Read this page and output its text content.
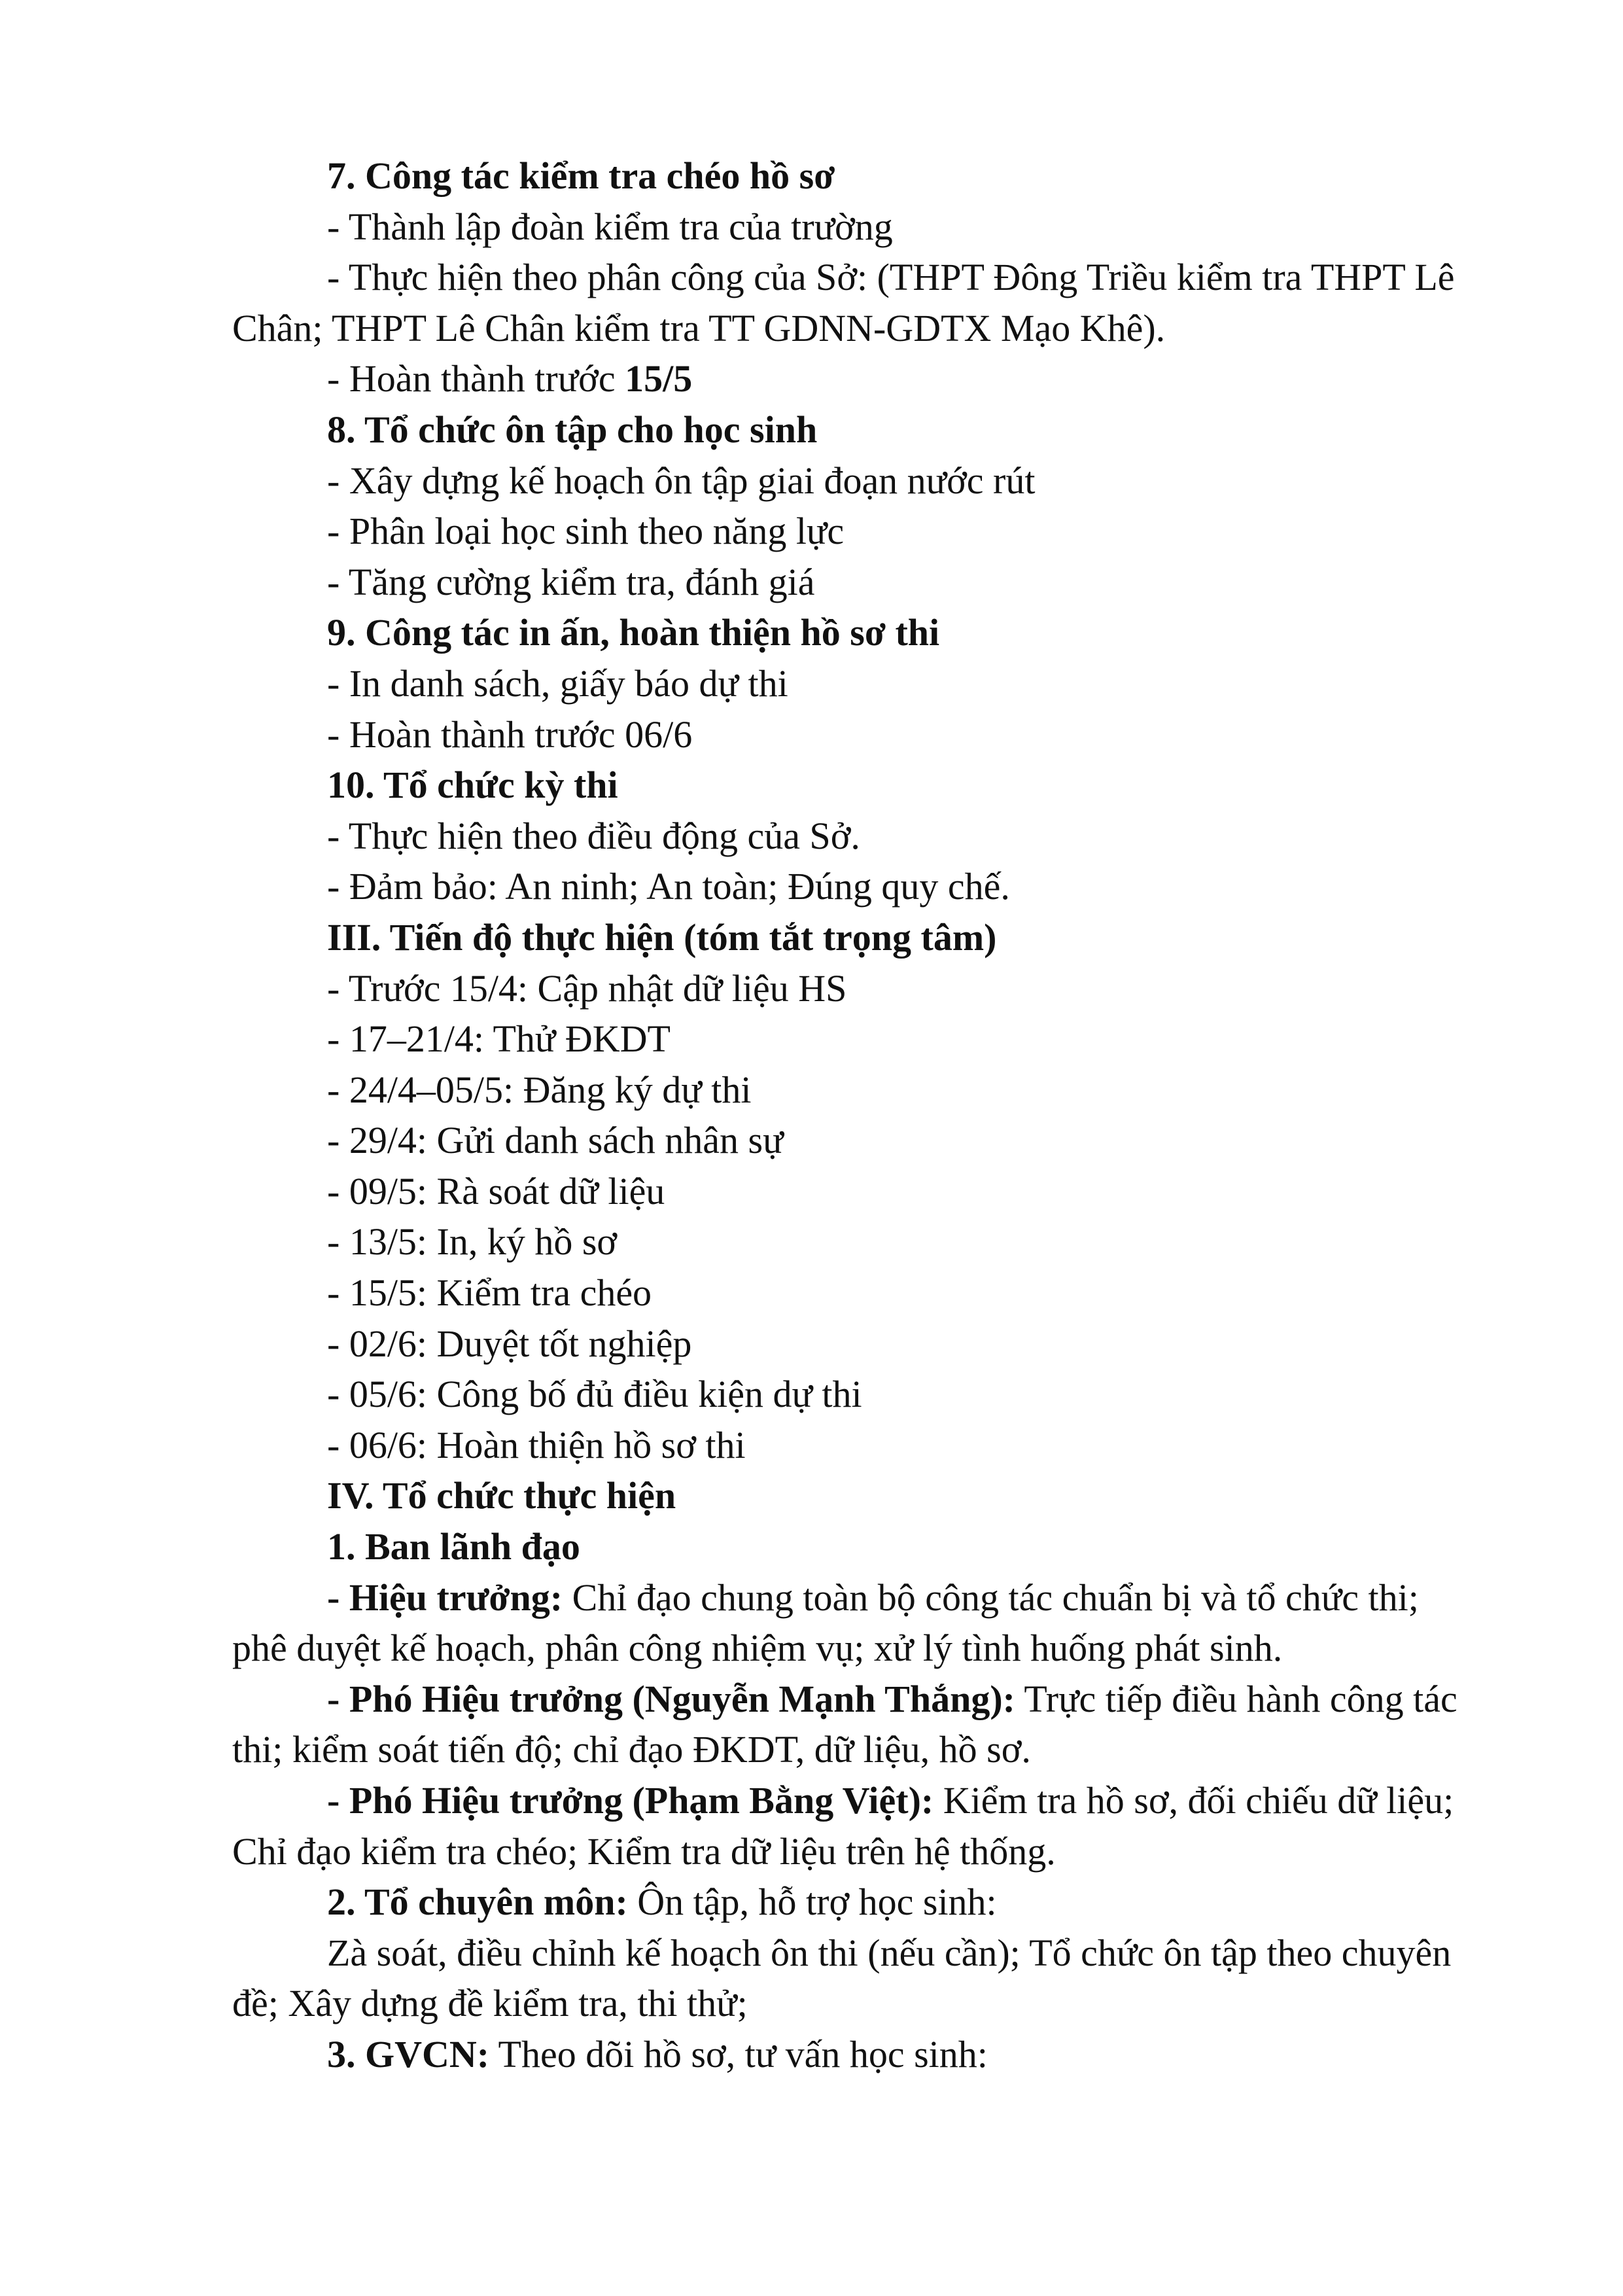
7. Công tác kiểm tra chéo hồ sơ
- Thành lập đoàn kiểm tra của trường
- Thực hiện theo phân công của Sở: (THPT Đông Triều kiểm tra THPT Lê
Chân; THPT Lê Chân kiểm tra TT GDNN-GDTX Mạo Khê).
- Hoàn thành trước 15/5
8. Tổ chức ôn tập cho học sinh
- Xây dựng kế hoạch ôn tập giai đoạn nước rút
- Phân loại học sinh theo năng lực
- Tăng cường kiểm tra, đánh giá
9. Công tác in ấn, hoàn thiện hồ sơ thi
- In danh sách, giấy báo dự thi
- Hoàn thành trước 06/6
10. Tổ chức kỳ thi
- Thực hiện theo điều động của Sở.
- Đảm bảo: An ninh; An toàn; Đúng quy chế.
III. Tiến độ thực hiện (tóm tắt trọng tâm)
- Trước 15/4: Cập nhật dữ liệu HS
- 17–21/4: Thử ĐKDT
- 24/4–05/5: Đăng ký dự thi
- 29/4: Gửi danh sách nhân sự
- 09/5: Rà soát dữ liệu
- 13/5: In, ký hồ sơ
- 15/5: Kiểm tra chéo
- 02/6: Duyệt tốt nghiệp
- 05/6: Công bố đủ điều kiện dự thi
- 06/6: Hoàn thiện hồ sơ thi
IV. Tổ chức thực hiện
1. Ban lãnh đạo
- Hiệu trưởng: Chỉ đạo chung toàn bộ công tác chuẩn bị và tổ chức thi;
phê duyệt kế hoạch, phân công nhiệm vụ; xử lý tình huống phát sinh.
- Phó Hiệu trưởng (Nguyễn Mạnh Thắng): Trực tiếp điều hành công tác
thi; kiểm soát tiến độ; chỉ đạo ĐKDT, dữ liệu, hồ sơ.
- Phó Hiệu trưởng (Phạm Bằng Việt): Kiểm tra hồ sơ, đối chiếu dữ liệu;
Chỉ đạo kiểm tra chéo; Kiểm tra dữ liệu trên hệ thống.
2. Tổ chuyên môn: Ôn tập, hỗ trợ học sinh:
Zà soát, điều chỉnh kế hoạch ôn thi (nếu cần); Tổ chức ôn tập theo chuyên
đề; Xây dựng đề kiểm tra, thi thử;
3. GVCN: Theo dõi hồ sơ, tư vấn học sinh:
